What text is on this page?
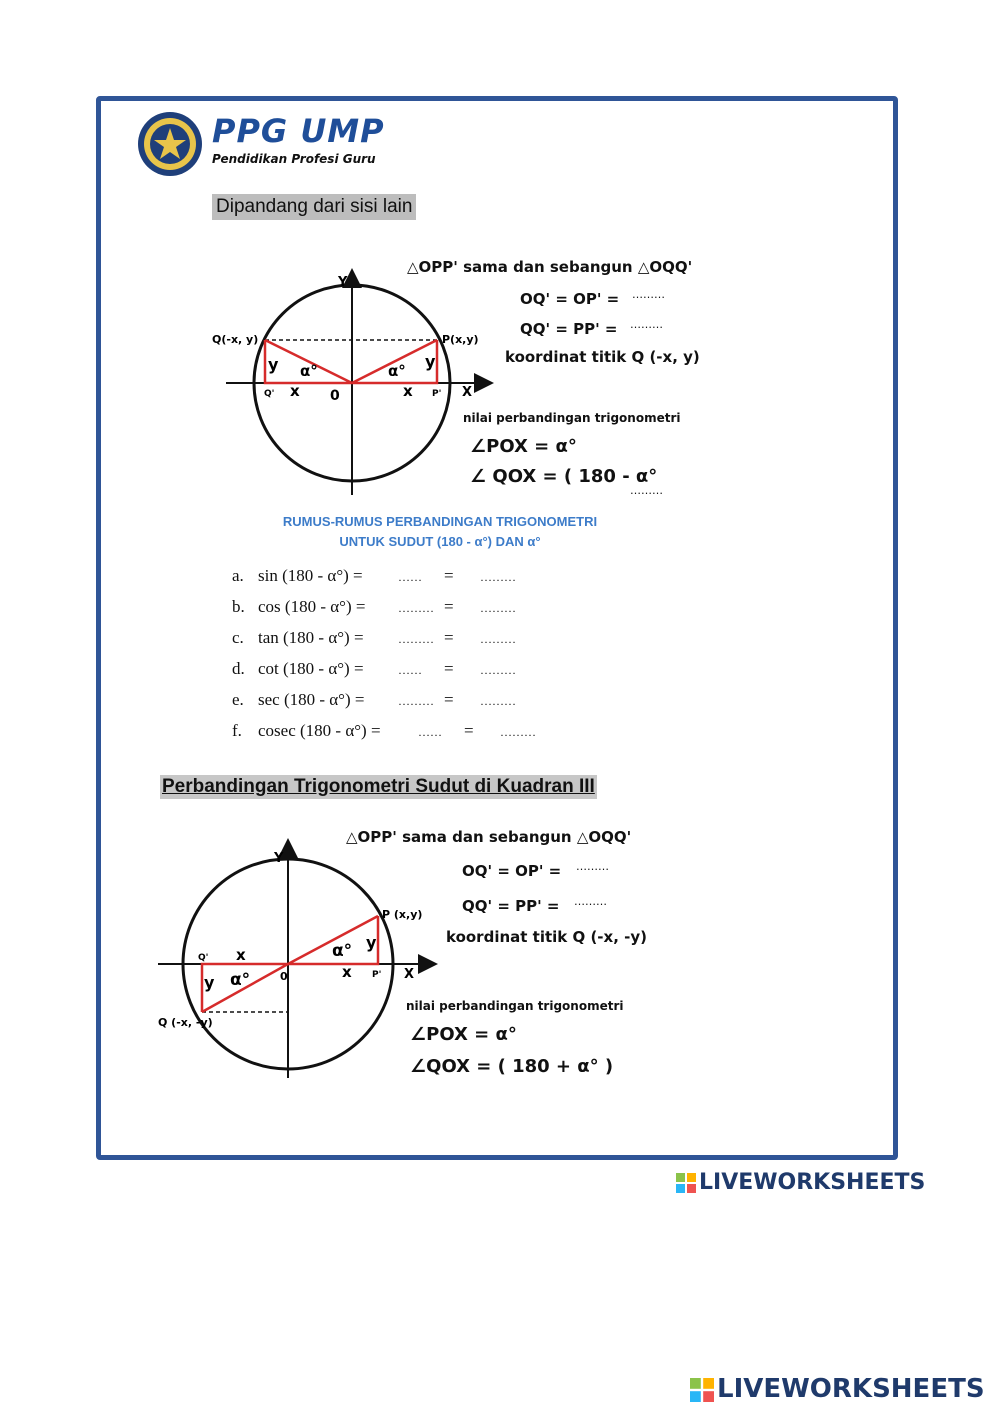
PPG UMP
Pendidikan Profesi Guru
Dipandang dari sisi lain
Y
X
Q(-x, y)	P(x,y)
Q'	P'
0
x	x
y	y
α°	α°
△OPP' sama dan sebangun △OQQ'
OQ' = OP' = ………
QQ' = PP' = ………
koordinat titik Q (-x, y)
nilai perbandingan trigonometri
∠POX = α°
∠ QOX = ( 180 - α°
………
RUMUS-RUMUS PERBANDINGAN TRIGONOMETRI
UNTUK SUDUT (180 - α°) DAN α°
a. sin (180 - α°) =	…… = ………
b. cos (180 - α°) =	……… = ………
c. tan (180 - α°) =	……… = ………
d. cot (180 - α°) =	…… = ………
e. sec (180 - α°) =	……… = ………
f. cosec (180 - α°) =	…… = ………
Perbandingan Trigonometri Sudut di Kuadran III
Y
X
P (x,y)
Q (-x, -y)
Q'
P'
0
x
x
y
y
α°
α°
△OPP' sama dan sebangun △OQQ'
OQ' = OP' = ………
QQ' = PP' = ………
koordinat titik Q (-x, -y)
nilai perbandingan trigonometri
∠POX = α°
∠QOX = ( 180 + α° )
LIVEWORKSHEETS
LIVEWORKSHEETS
